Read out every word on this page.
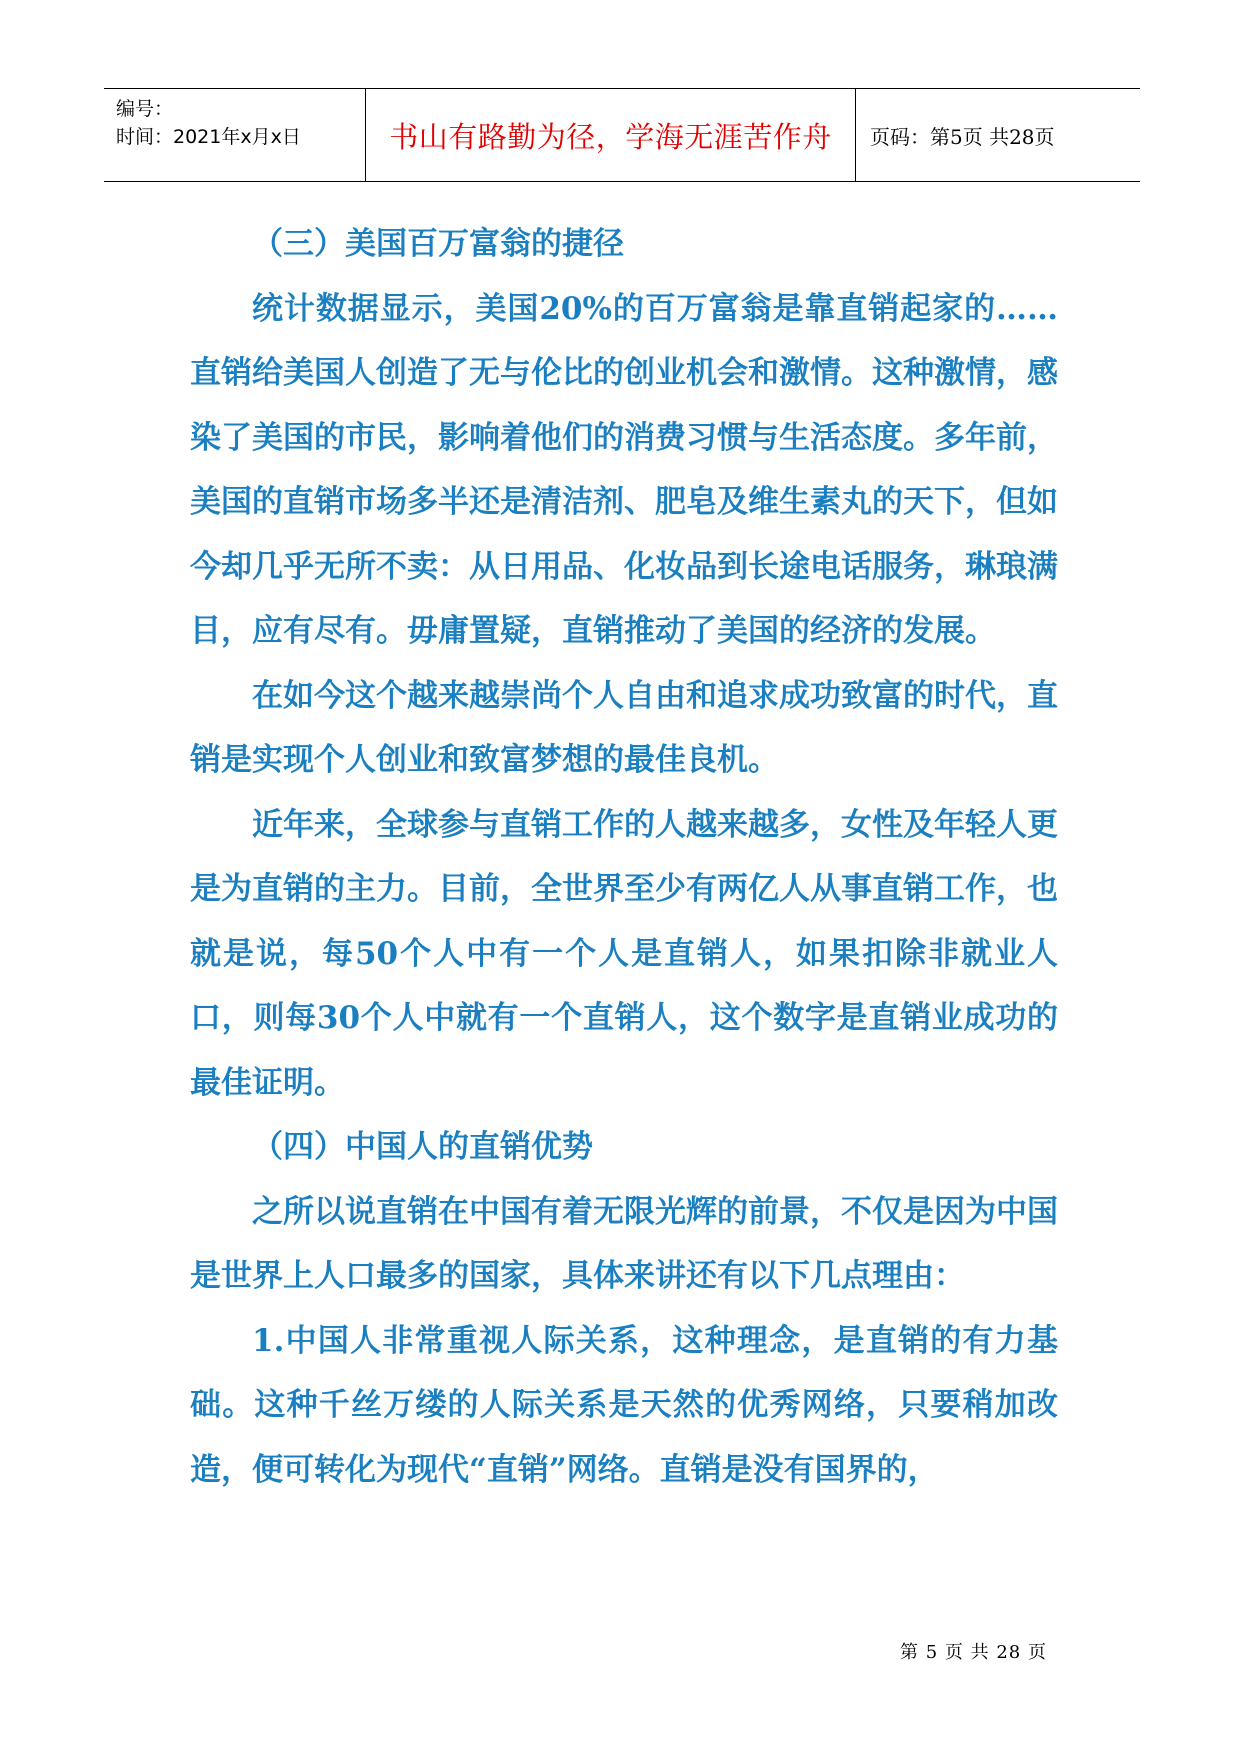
编号：
时间：2021年x月x日	书山有路勤为径，学海无涯苦作舟 页码：第5页 共28页

（三）美国百万富翁的捷径

统计数据显示，美国20%的百万富翁是靠直销起家的……直销给美国人创造了无与伦比的创业机会和激情。这种激情，感染了美国的市民，影响着他们的消费习惯与生活态度。多年前，美国的直销市场多半还是清洁剂、肥皂及维生素丸的天下，但如今却几乎无所不卖：从日用品、化妆品到长途电话服务，琳琅满目，应有尽有。毋庸置疑，直销推动了美国的经济的发展。

在如今这个越来越崇尚个人自由和追求成功致富的时代，直销是实现个人创业和致富梦想的最佳良机。

近年来，全球参与直销工作的人越来越多，女性及年轻人更是为直销的主力。目前，全世界至少有两亿人从事直销工作，也就是说，每50个人中有一个人是直销人，如果扣除非就业人口，则每30个人中就有一个直销人，这个数字是直销业成功的最佳证明。

（四）中国人的直销优势

之所以说直销在中国有着无限光辉的前景，不仅是因为中国是世界上人口最多的国家，具体来讲还有以下几点理由：

1.中国人非常重视人际关系，这种理念，是直销的有力基础。这种千丝万缕的人际关系是天然的优秀网络，只要稍加改造，便可转化为现代“直销”网络。直销是没有国界的，

第 5 页 共 28 页
